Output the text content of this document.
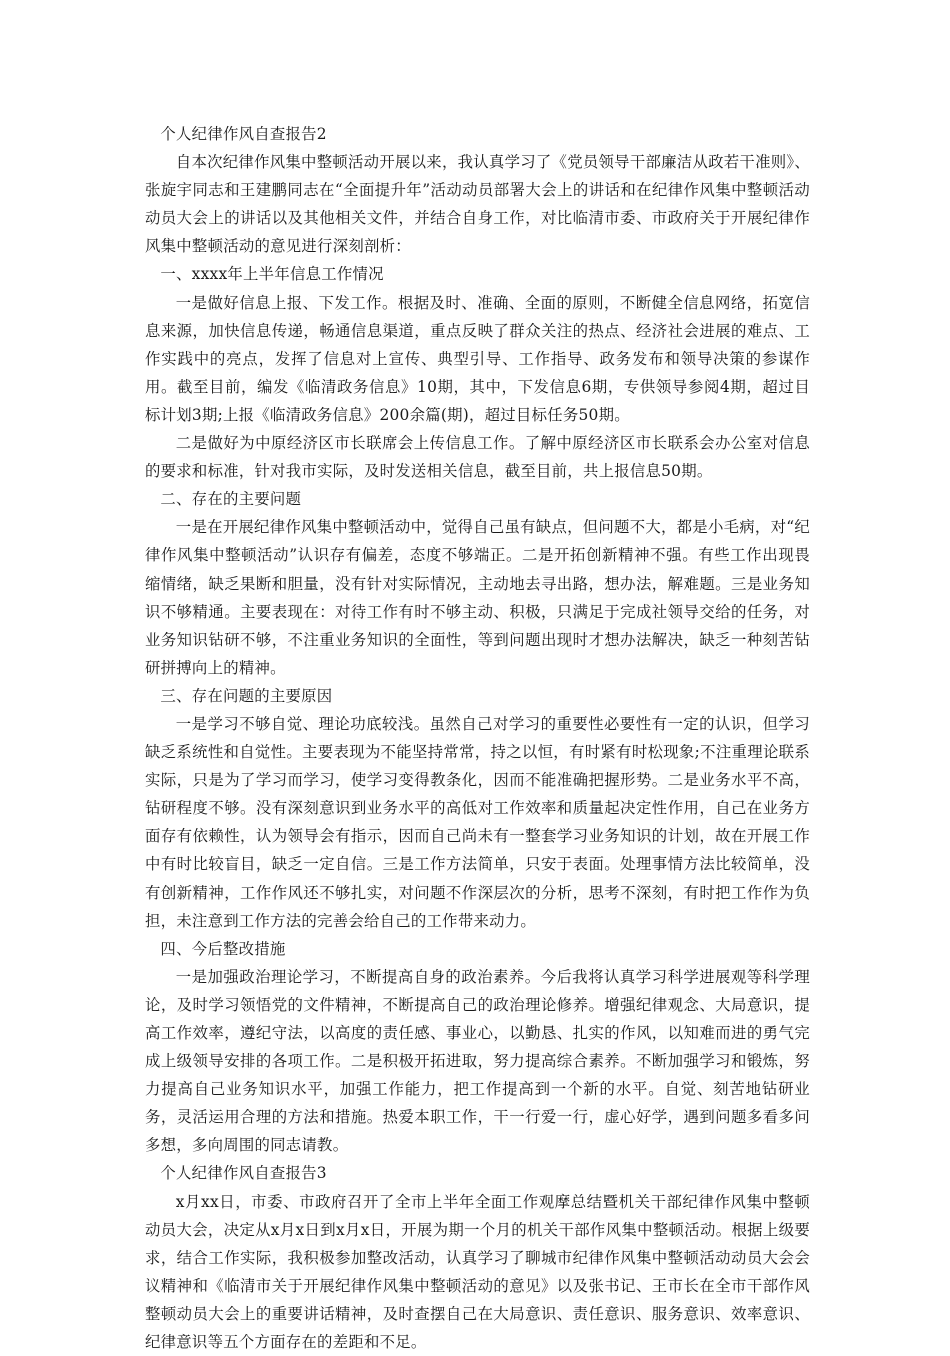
个人纪律作风自查报告2

自本次纪律作风集中整顿活动开展以来，我认真学习了《党员领导干部廉洁从政若干准则》、张旋宇同志和王建鹏同志在“全面提升年”活动动员部署大会上的讲话和在纪律作风集中整顿活动动员大会上的讲话以及其他相关文件，并结合自身工作，对比临清市委、市政府关于开展纪律作风集中整顿活动的意见进行深刻剖析：

一、xxxx年上半年信息工作情况

一是做好信息上报、下发工作。根据及时、准确、全面的原则，不断健全信息网络，拓宽信息来源，加快信息传递，畅通信息渠道，重点反映了群众关注的热点、经济社会进展的难点、工作实践中的亮点，发挥了信息对上宣传、典型引导、工作指导、政务发布和领导决策的参谋作用。截至目前，编发《临清政务信息》10期，其中，下发信息6期，专供领导参阅4期，超过目标计划3期;上报《临清政务信息》200余篇(期)，超过目标任务50期。

二是做好为中原经济区市长联席会上传信息工作。了解中原经济区市长联系会办公室对信息的要求和标准，针对我市实际，及时发送相关信息，截至目前，共上报信息50期。

二、存在的主要问题

一是在开展纪律作风集中整顿活动中，觉得自己虽有缺点，但问题不大，都是小毛病，对“纪律作风集中整顿活动”认识存有偏差，态度不够端正。二是开拓创新精神不强。有些工作出现畏缩情绪，缺乏果断和胆量，没有针对实际情况，主动地去寻出路，想办法，解难题。三是业务知识不够精通。主要表现在：对待工作有时不够主动、积极，只满足于完成社领导交给的任务，对业务知识钻研不够，不注重业务知识的全面性，等到问题出现时才想办法解决，缺乏一种刻苦钻研拼搏向上的精神。

三、存在问题的主要原因

一是学习不够自觉、理论功底较浅。虽然自己对学习的重要性必要性有一定的认识，但学习缺乏系统性和自觉性。主要表现为不能坚持常常，持之以恒，有时紧有时松现象;不注重理论联系实际，只是为了学习而学习，使学习变得教条化，因而不能准确把握形势。二是业务水平不高，钻研程度不够。没有深刻意识到业务水平的高低对工作效率和质量起决定性作用，自己在业务方面存有依赖性，认为领导会有指示，因而自己尚未有一整套学习业务知识的计划，故在开展工作中有时比较盲目，缺乏一定自信。三是工作方法简单，只安于表面。处理事情方法比较简单，没有创新精神，工作作风还不够扎实，对问题不作深层次的分析，思考不深刻，有时把工作作为负担，未注意到工作方法的完善会给自己的工作带来动力。

四、今后整改措施

一是加强政治理论学习，不断提高自身的政治素养。今后我将认真学习科学进展观等科学理论，及时学习领悟党的文件精神，不断提高自己的政治理论修养。增强纪律观念、大局意识，提高工作效率，遵纪守法，以高度的责任感、事业心，以勤恳、扎实的作风，以知难而进的勇气完成上级领导安排的各项工作。二是积极开拓进取，努力提高综合素养。不断加强学习和锻炼，努力提高自己业务知识水平，加强工作能力，把工作提高到一个新的水平。自觉、刻苦地钻研业务，灵活运用合理的方法和措施。热爱本职工作，干一行爱一行，虚心好学，遇到问题多看多问多想，多向周围的同志请教。

个人纪律作风自查报告3

x月xx日，市委、市政府召开了全市上半年全面工作观摩总结暨机关干部纪律作风集中整顿动员大会，决定从x月x日到x月x日，开展为期一个月的机关干部作风集中整顿活动。根据上级要求，结合工作实际，我积极参加整改活动，认真学习了聊城市纪律作风集中整顿活动动员大会会议精神和《临清市关于开展纪律作风集中整顿活动的意见》以及张书记、王市长在全市干部作风整顿动员大会上的重要讲话精神，及时查摆自己在大局意识、责任意识、服务意识、效率意识、纪律意识等五个方面存在的差距和不足。
